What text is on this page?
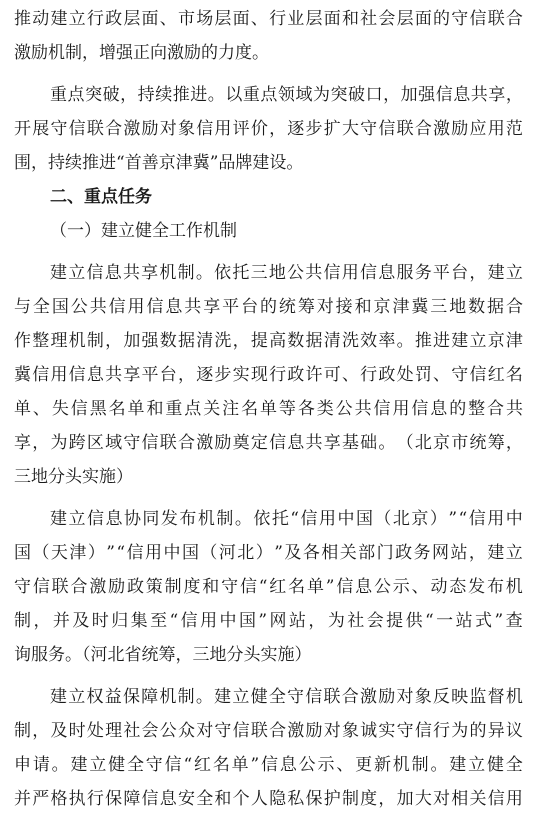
推 动 建 立 行 政 层 面 、 市 场 层 面 、 行 业 层 面 和 社 会 层 面 的 守 信 联 合
激励机制，增强正向激励的力度。
重 点 突 破 ， 持 续 推 进 。 以 重 点 领 域 为 突 破 口 ， 加 强 信 息 共 享 ，
开 展 守 信 联 合 激 励 对 象 信 用 评 价 ， 逐 步 扩 大 守 信 联 合 激 励 应 用 范
围，持续推进“首善京津冀”品牌建设。
二、重点任务
（一）建立健全工作机制
建 立 信 息 共 享 机 制 。 依 托 三 地 公 共 信 用 信 息 服 务 平 台 ， 建 立
与 全 国 公 共 信 用 信 息 共 享 平 台 的 统 筹 对 接 和 京 津 冀 三 地 数 据 合
作 整 理 机 制 ， 加 强 数 据 清 洗 ， 提 高 数 据 清 洗 效 率 。 推 进 建 立 京 津
冀 信 用 信 息 共 享 平 台 ， 逐 步 实 现 行 政 许 可 、 行 政 处 罚 、 守 信 红 名
单 、 失 信 黑 名 单 和 重 点 关 注 名 单 等 各 类 公 共 信 用 信 息 的 整 合 共
享 ， 为 跨 区 域 守 信 联 合 激 励 奠 定 信 息 共 享 基 础 。 （ 北 京 市 统 筹 ，
三地分头实施）
建 立 信 息 协 同 发 布 机 制 。 依 托 “ 信 用 中 国 （ 北 京 ） ” “ 信 用 中
国 （ 天 津 ） ” “ 信 用 中 国 （ 河 北 ） ” 及 各 相 关 部 门 政 务 网 站 ， 建 立
守 信 联 合 激 励 政 策 制 度 和 守 信 “ 红 名 单 ” 信 息 公 示 、 动 态 发 布 机
制 ， 并 及 时 归 集 至 “ 信 用 中 国 ” 网 站 ， 为 社 会 提 供 “ 一 站 式 ” 查
询服务。（河北省统筹，三地分头实施）
建 立 权 益 保 障 机 制 。 建 立 健 全 守 信 联 合 激 励 对 象 反 映 监 督 机
制 ， 及 时 处 理 社 会 公 众 对 守 信 联 合 激 励 对 象 诚 实 守 信 行 为 的 异 议
申 请 。 建 立 健 全 守 信 “ 红 名 单 ” 信 息 公 示 、 更 新 机 制 。 建 立 健 全
并 严 格 执 行 保 障 信 息 安 全 和 个 人 隐 私 保 护 制 度 ， 加 大 对 相 关 信 用
